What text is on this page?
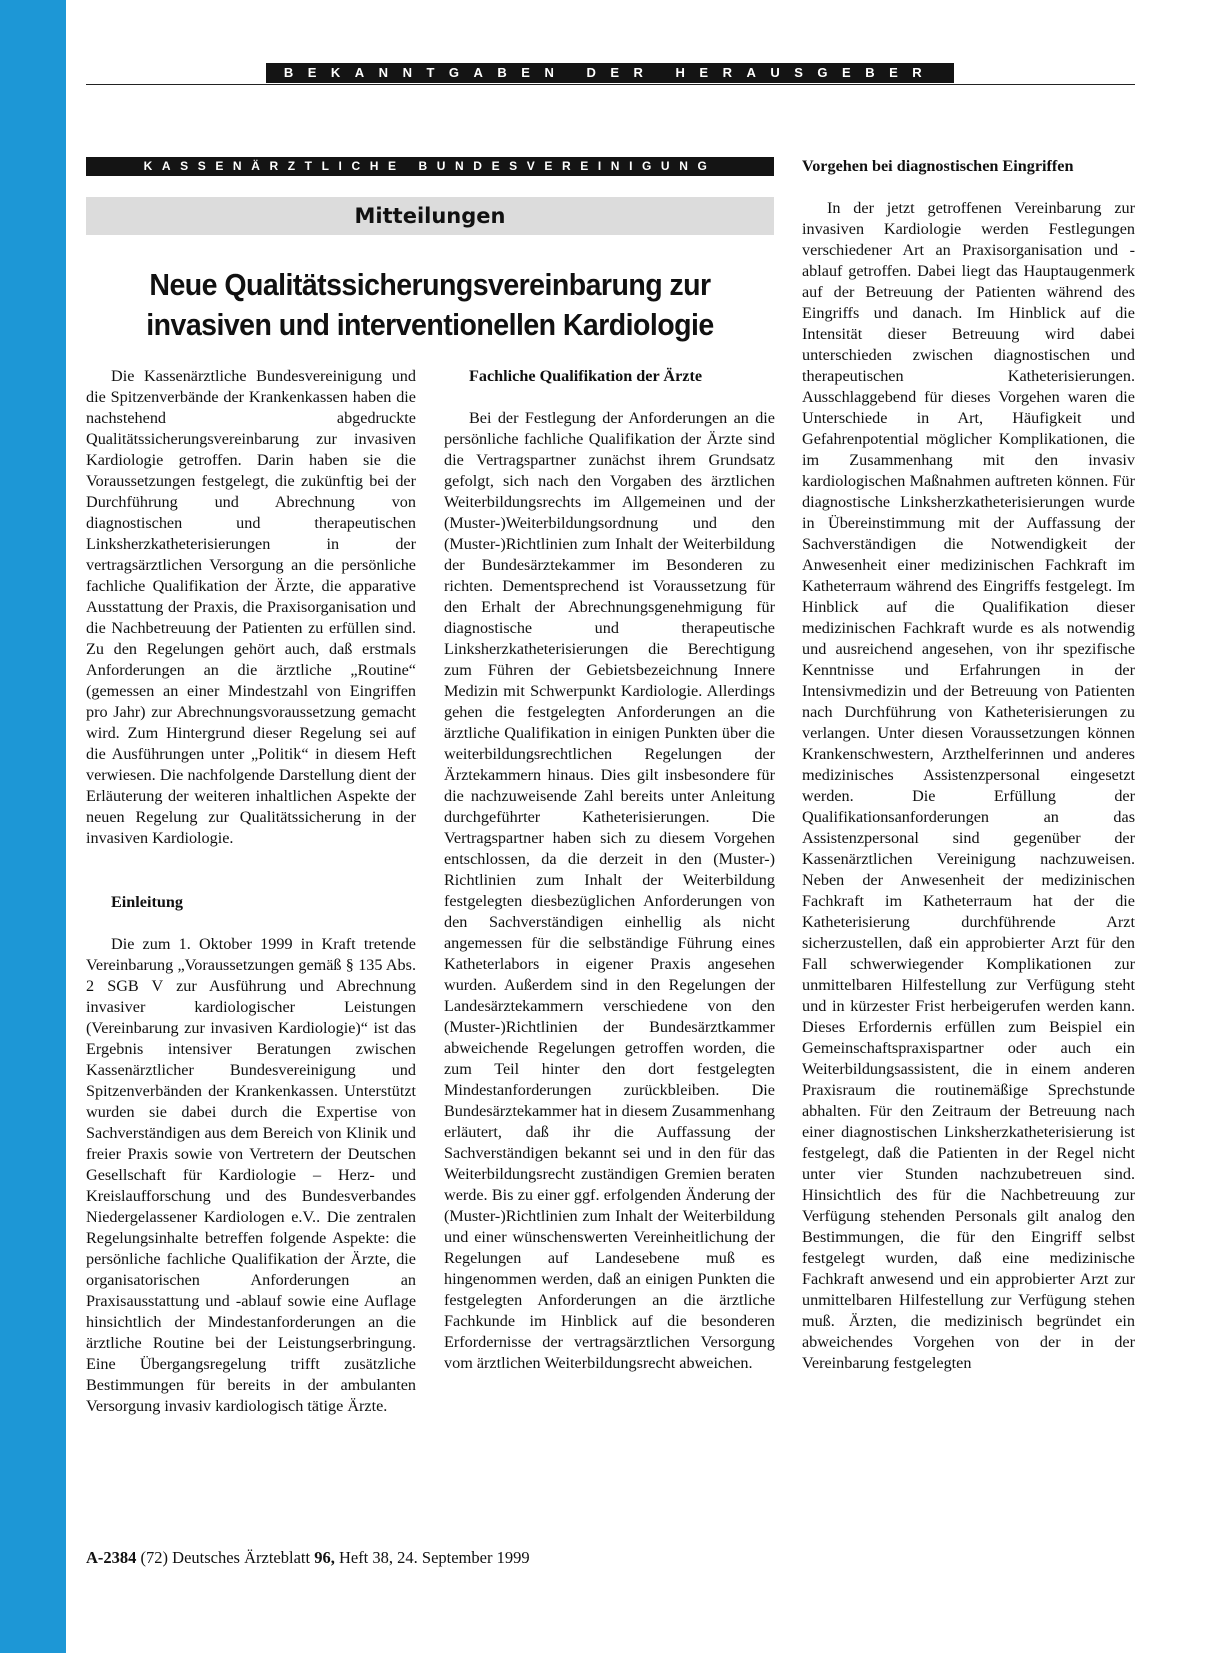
BEKANNTGABEN DER HERAUSGEBER
KASSENÄRZTLICHE BUNDESVEREINIGUNG
Mitteilungen
Neue Qualitätssicherungsvereinbarung zur
invasiven und interventionellen Kardiologie

Die Kassenärztliche Bundesvereinigung und die Spitzenverbände der Krankenkassen haben die nachstehend abgedruckte Qualitätssicherungsvereinbarung zur invasiven Kardiologie getroffen. Darin haben sie die Voraussetzungen festgelegt, die zukünftig bei der Durchführung und Abrechnung von diagnostischen und therapeutischen Linksherzkatheterisierungen in der vertragsärztlichen Versorgung an die persönliche fachliche Qualifikation der Ärzte, die apparative Ausstattung der Praxis, die Praxisorganisation und die Nachbetreuung der Patienten zu erfüllen sind. Zu den Regelungen gehört auch, daß erstmals Anforderungen an die ärztliche „Routine“ (gemessen an einer Mindestzahl von Eingriffen pro Jahr) zur Abrechnungsvoraussetzung gemacht wird. Zum Hintergrund dieser Regelung sei auf die Ausführungen unter „Politik“ in diesem Heft verwiesen. Die nachfolgende Darstellung dient der Erläuterung der weiteren inhaltlichen Aspekte der neuen Regelung zur Qualitätssicherung in der invasiven Kardiologie.

Einleitung

Die zum 1. Oktober 1999 in Kraft tretende Vereinbarung „Voraussetzungen gemäß § 135 Abs. 2 SGB V zur Ausführung und Abrechnung invasiver kardiologischer Leistungen (Vereinbarung zur invasiven Kardiologie)“ ist das Ergebnis intensiver Beratungen zwischen Kassenärztlicher Bundesvereinigung und Spitzenverbänden der Krankenkassen. Unterstützt wurden sie dabei durch die Expertise von Sachverständigen aus dem Bereich von Klinik und freier Praxis sowie von Vertretern der Deutschen Gesellschaft für Kardiologie – Herz- und Kreislaufforschung und des Bundesverbandes Niedergelassener Kardiologen e.V.. Die zentralen Regelungsinhalte betreffen folgende Aspekte: die persönliche fachliche Qualifikation der Ärzte, die organisatorischen Anforderungen an Praxisausstattung und -ablauf sowie eine Auflage hinsichtlich der Mindestanforderungen an die ärztliche Routine bei der Leistungserbringung. Eine Übergangsregelung trifft zusätzliche Bestimmungen für bereits in der ambulanten Versorgung invasiv kardiologisch tätige Ärzte.

Fachliche Qualifikation der Ärzte

Bei der Festlegung der Anforderungen an die persönliche fachliche Qualifikation der Ärzte sind die Vertragspartner zunächst ihrem Grundsatz gefolgt, sich nach den Vorgaben des ärztlichen Weiterbildungsrechts im Allgemeinen und der (Muster-)Weiterbildungsordnung und den (Muster-)Richtlinien zum Inhalt der Weiterbildung der Bundesärztekammer im Besonderen zu richten. Dementsprechend ist Voraussetzung für den Erhalt der Abrechnungsgenehmigung für diagnostische und therapeutische Linksherzkatheterisierungen die Berechtigung zum Führen der Gebietsbezeichnung Innere Medizin mit Schwerpunkt Kardiologie. Allerdings gehen die festgelegten Anforderungen an die ärztliche Qualifikation in einigen Punkten über die weiterbildungsrechtlichen Regelungen der Ärztekammern hinaus. Dies gilt insbesondere für die nachzuweisende Zahl bereits unter Anleitung durchgeführter Katheterisierungen. Die Vertragspartner haben sich zu diesem Vorgehen entschlossen, da die derzeit in den (Muster-) Richtlinien zum Inhalt der Weiterbildung festgelegten diesbezüglichen Anforderungen von den Sachverständigen einhellig als nicht angemessen für die selbständige Führung eines Katheterlabors in eigener Praxis angesehen wurden. Außerdem sind in den Regelungen der Landesärztekammern verschiedene von den (Muster-)Richtlinien der Bundesärztkammer abweichende Regelungen getroffen worden, die zum Teil hinter den dort festgelegten Mindestanforderungen zurückbleiben. Die Bundesärztekammer hat in diesem Zusammenhang erläutert, daß ihr die Auffassung der Sachverständigen bekannt sei und in den für das Weiterbildungsrecht zuständigen Gremien beraten werde. Bis zu einer ggf. erfolgenden Änderung der (Muster-)Richtlinien zum Inhalt der Weiterbildung und einer wünschenswerten Vereinheitlichung der Regelungen auf Landesebene muß es hingenommen werden, daß an einigen Punkten die festgelegten Anforderungen an die ärztliche Fachkunde im Hinblick auf die besonderen Erfordernisse der vertragsärztlichen Versorgung vom ärztlichen Weiterbildungsrecht abweichen.

Vorgehen bei diagnostischen Eingriffen

In der jetzt getroffenen Vereinbarung zur invasiven Kardiologie werden Festlegungen verschiedener Art an Praxisorganisation und -ablauf getroffen. Dabei liegt das Hauptaugenmerk auf der Betreuung der Patienten während des Eingriffs und danach. Im Hinblick auf die Intensität dieser Betreuung wird dabei unterschieden zwischen diagnostischen und therapeutischen Katheterisierungen. Ausschlaggebend für dieses Vorgehen waren die Unterschiede in Art, Häufigkeit und Gefahrenpotential möglicher Komplikationen, die im Zusammenhang mit den invasiv kardiologischen Maßnahmen auftreten können. Für diagnostische Linksherzkatheterisierungen wurde in Übereinstimmung mit der Auffassung der Sachverständigen die Notwendigkeit der Anwesenheit einer medizinischen Fachkraft im Katheterraum während des Eingriffs festgelegt. Im Hinblick auf die Qualifikation dieser medizinischen Fachkraft wurde es als notwendig und ausreichend angesehen, von ihr spezifische Kenntnisse und Erfahrungen in der Intensivmedizin und der Betreuung von Patienten nach Durchführung von Katheterisierungen zu verlangen. Unter diesen Voraussetzungen können Krankenschwestern, Arzthelferinnen und anderes medizinisches Assistenzpersonal eingesetzt werden. Die Erfüllung der Qualifikationsanforderungen an das Assistenzpersonal sind gegenüber der Kassenärztlichen Vereinigung nachzuweisen. Neben der Anwesenheit der medizinischen Fachkraft im Katheterraum hat der die Katheterisierung durchführende Arzt sicherzustellen, daß ein approbierter Arzt für den Fall schwerwiegender Komplikationen zur unmittelbaren Hilfestellung zur Verfügung steht und in kürzester Frist herbeigerufen werden kann. Dieses Erfordernis erfüllen zum Beispiel ein Gemeinschaftspraxispartner oder auch ein Weiterbildungsassistent, die in einem anderen Praxisraum die routinemäßige Sprechstunde abhalten. Für den Zeitraum der Betreuung nach einer diagnostischen Linksherzkatheterisierung ist festgelegt, daß die Patienten in der Regel nicht unter vier Stunden nachzubetreuen sind. Hinsichtlich des für die Nachbetreuung zur Verfügung stehenden Personals gilt analog den Bestimmungen, die für den Eingriff selbst festgelegt wurden, daß eine medizinische Fachkraft anwesend und ein approbierter Arzt zur unmittelbaren Hilfestellung zur Verfügung stehen muß. Ärzten, die medizinisch begründet ein abweichendes Vorgehen von der in der Vereinbarung festgelegten

A-2384 (72) Deutsches Ärzteblatt 96, Heft 38, 24. September 1999
